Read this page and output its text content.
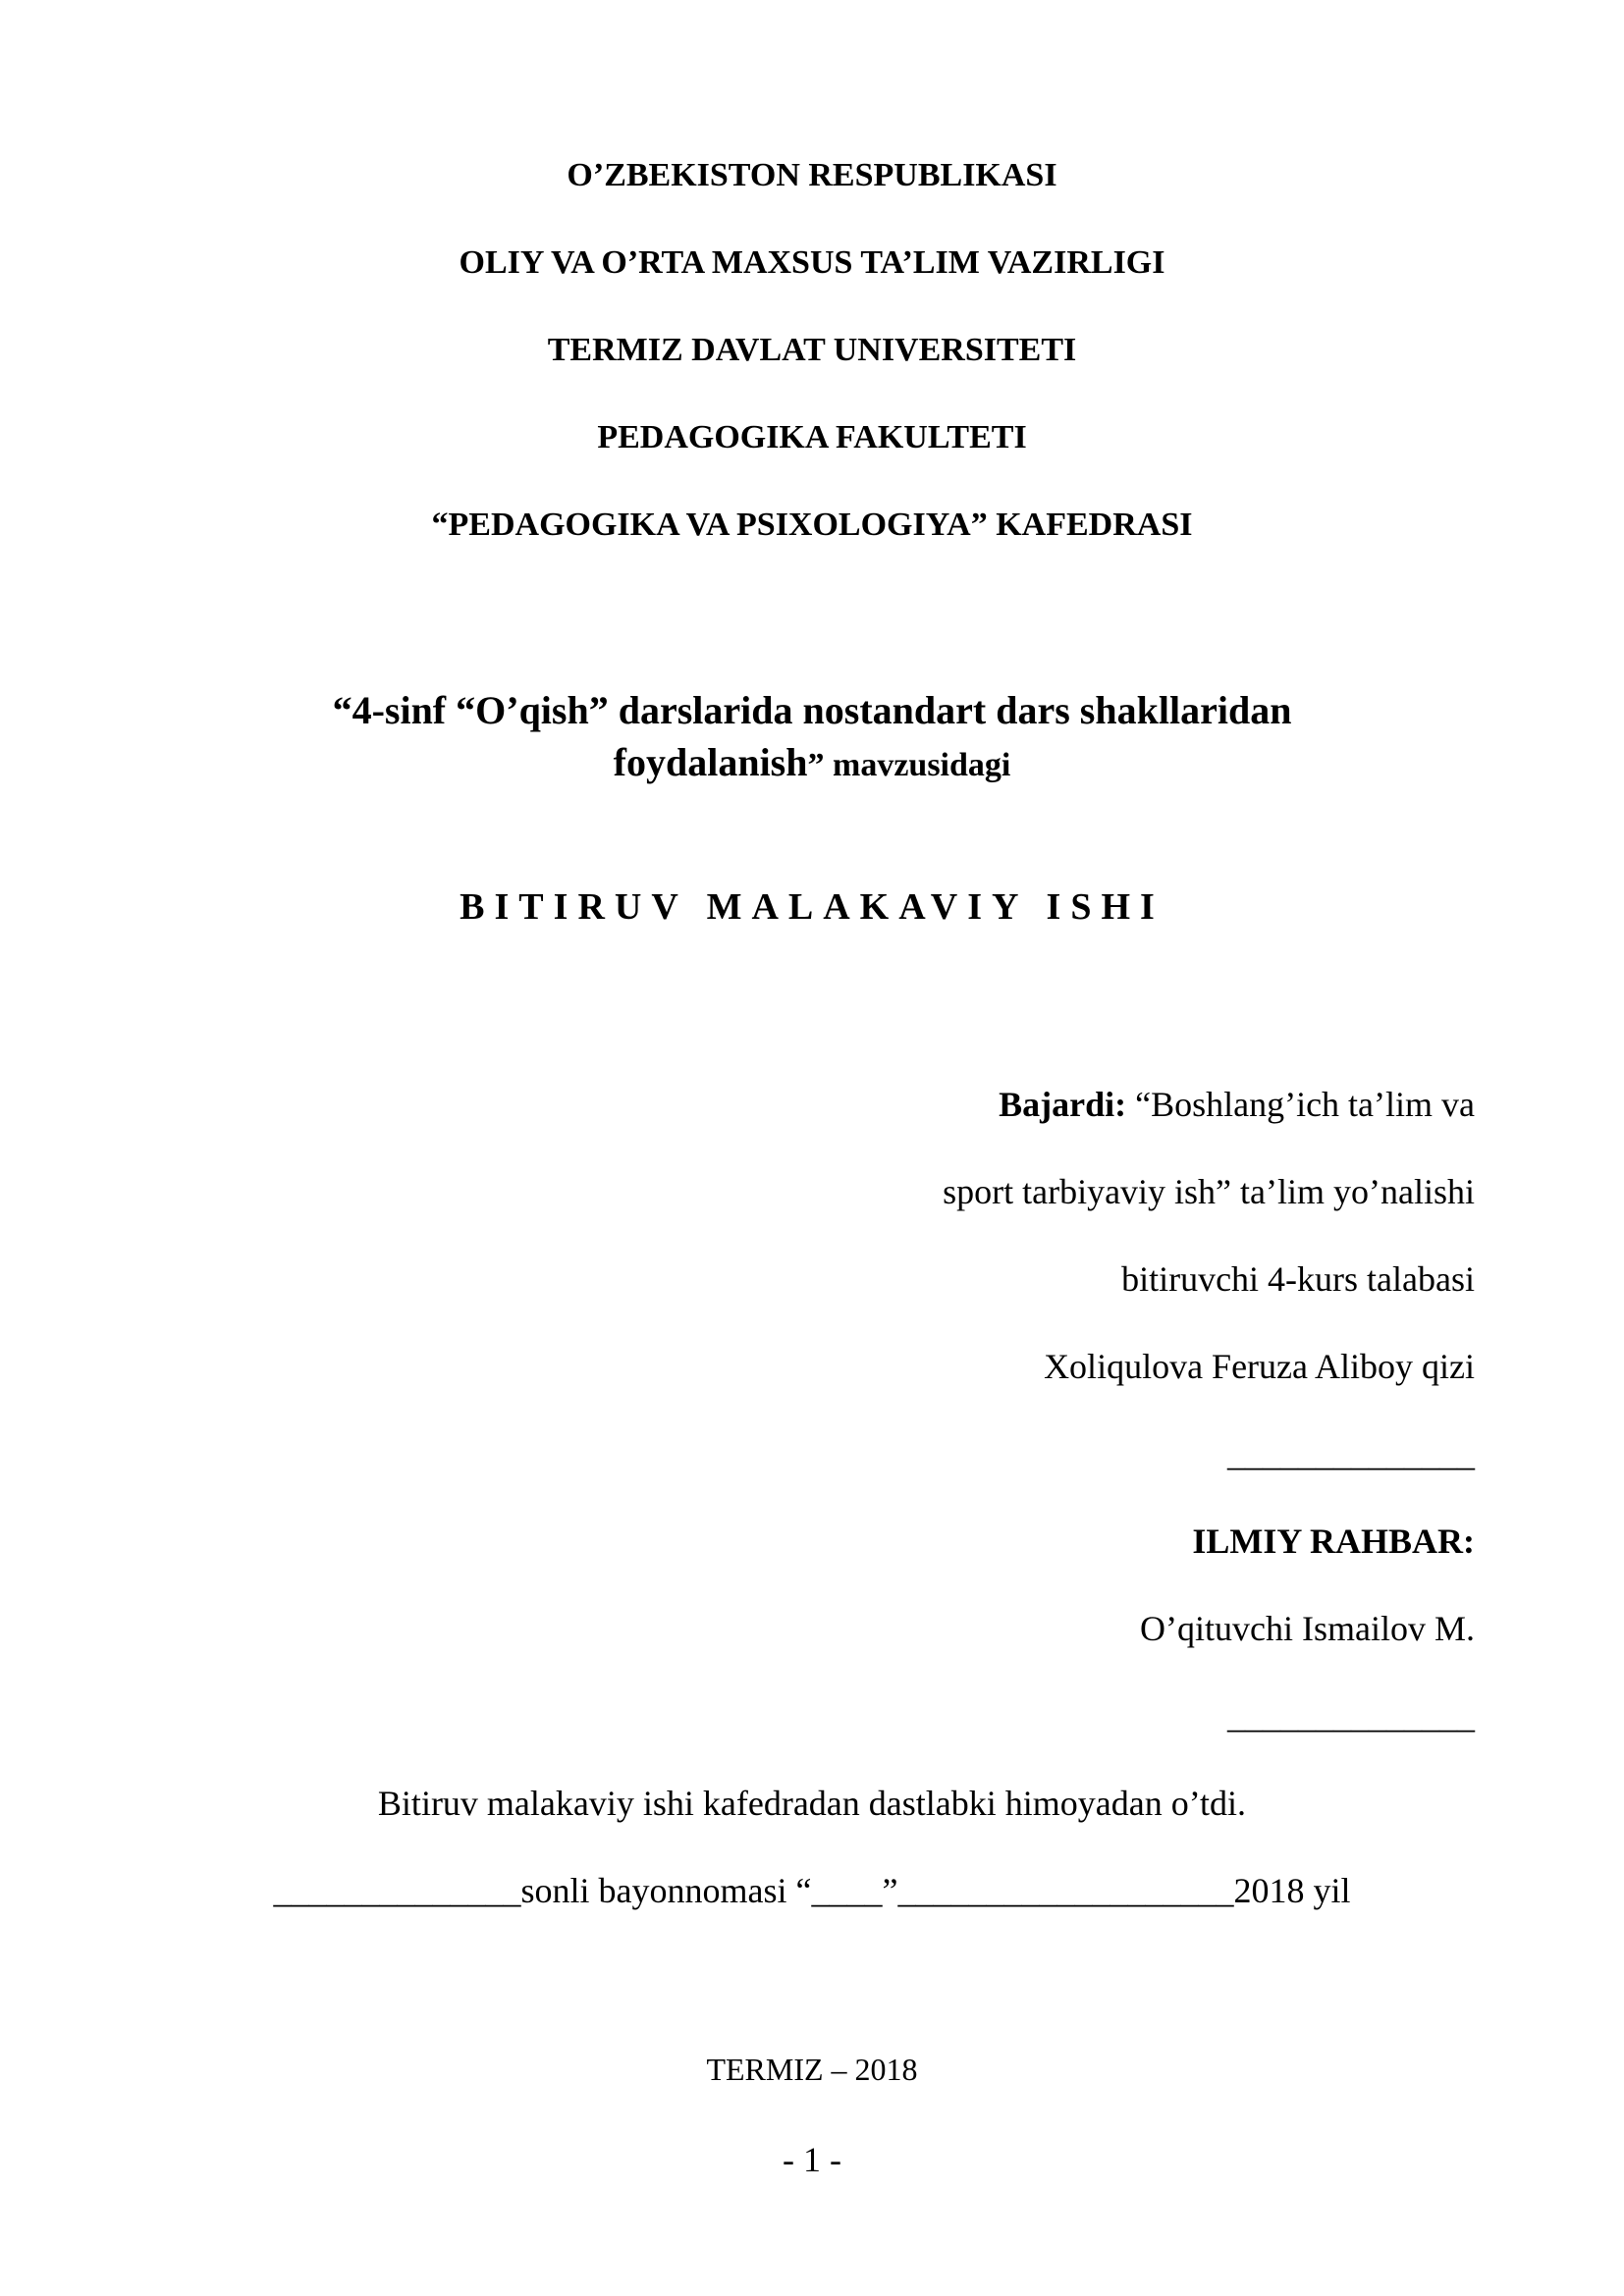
O’ZBEKISTON RESPUBLIKASI
OLIY VA O’RTA MAXSUS TA’LIM VAZIRLIGI
TERMIZ DAVLAT UNIVERSITETI
PEDAGOGIKA FAKULTETI
“PEDAGOGIKA VA PSIXOLOGIYA” KAFEDRASI
“4-sinf “O’qish” darslarida nostandart dars shakllaridan
foydalanish” mavzusidagi
BITIRUV MALAKAVIY ISHI
Bajardi: “Boshlang’ich ta’lim va
sport tarbiyaviy ish” ta’lim yo’nalishi
bitiruvchi 4-kurs talabasi
Xoliqulova Feruza Aliboy qizi
______________
ILMIY RAHBAR:
O’qituvchi Ismailov M.
______________
Bitiruv malakaviy ishi kafedradan dastlabki himoyadan o’tdi.
______________sonli bayonnomasi “____”___________________2018 yil
TERMIZ – 2018
- 1 -
